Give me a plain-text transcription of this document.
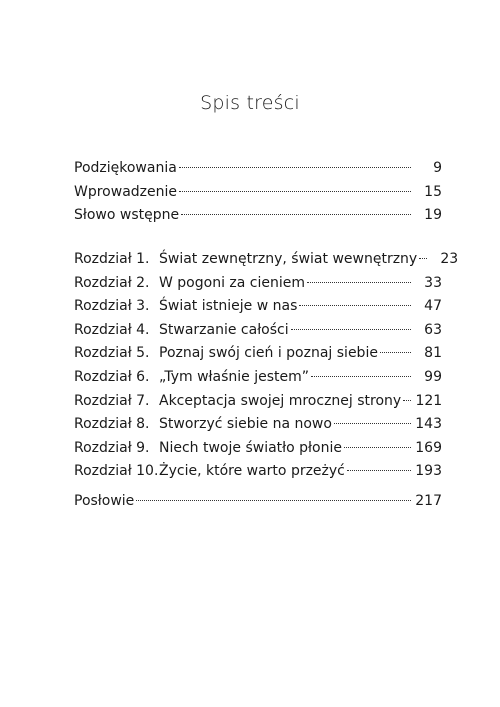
Spis treści
Podziękowania	9
Wprowadzenie	15
Słowo wstępne	19
Rozdział 1. Świat zewnętrzny, świat wewnętrzny	23
Rozdział 2. W pogoni za cieniem	33
Rozdział 3. Świat istnieje w nas	47
Rozdział 4. Stwarzanie całości	63
Rozdział 5. Poznaj swój cień i poznaj siebie	81
Rozdział 6. „Tym właśnie jestem”	99
Rozdział 7. Akceptacja swojej mrocznej strony 121
Rozdział 8. Stworzyć siebie na nowo	143
Rozdział 9. Niech twoje światło płonie	169
Rozdział 10. Życie, które warto przeżyć	193
Posłowie	217
